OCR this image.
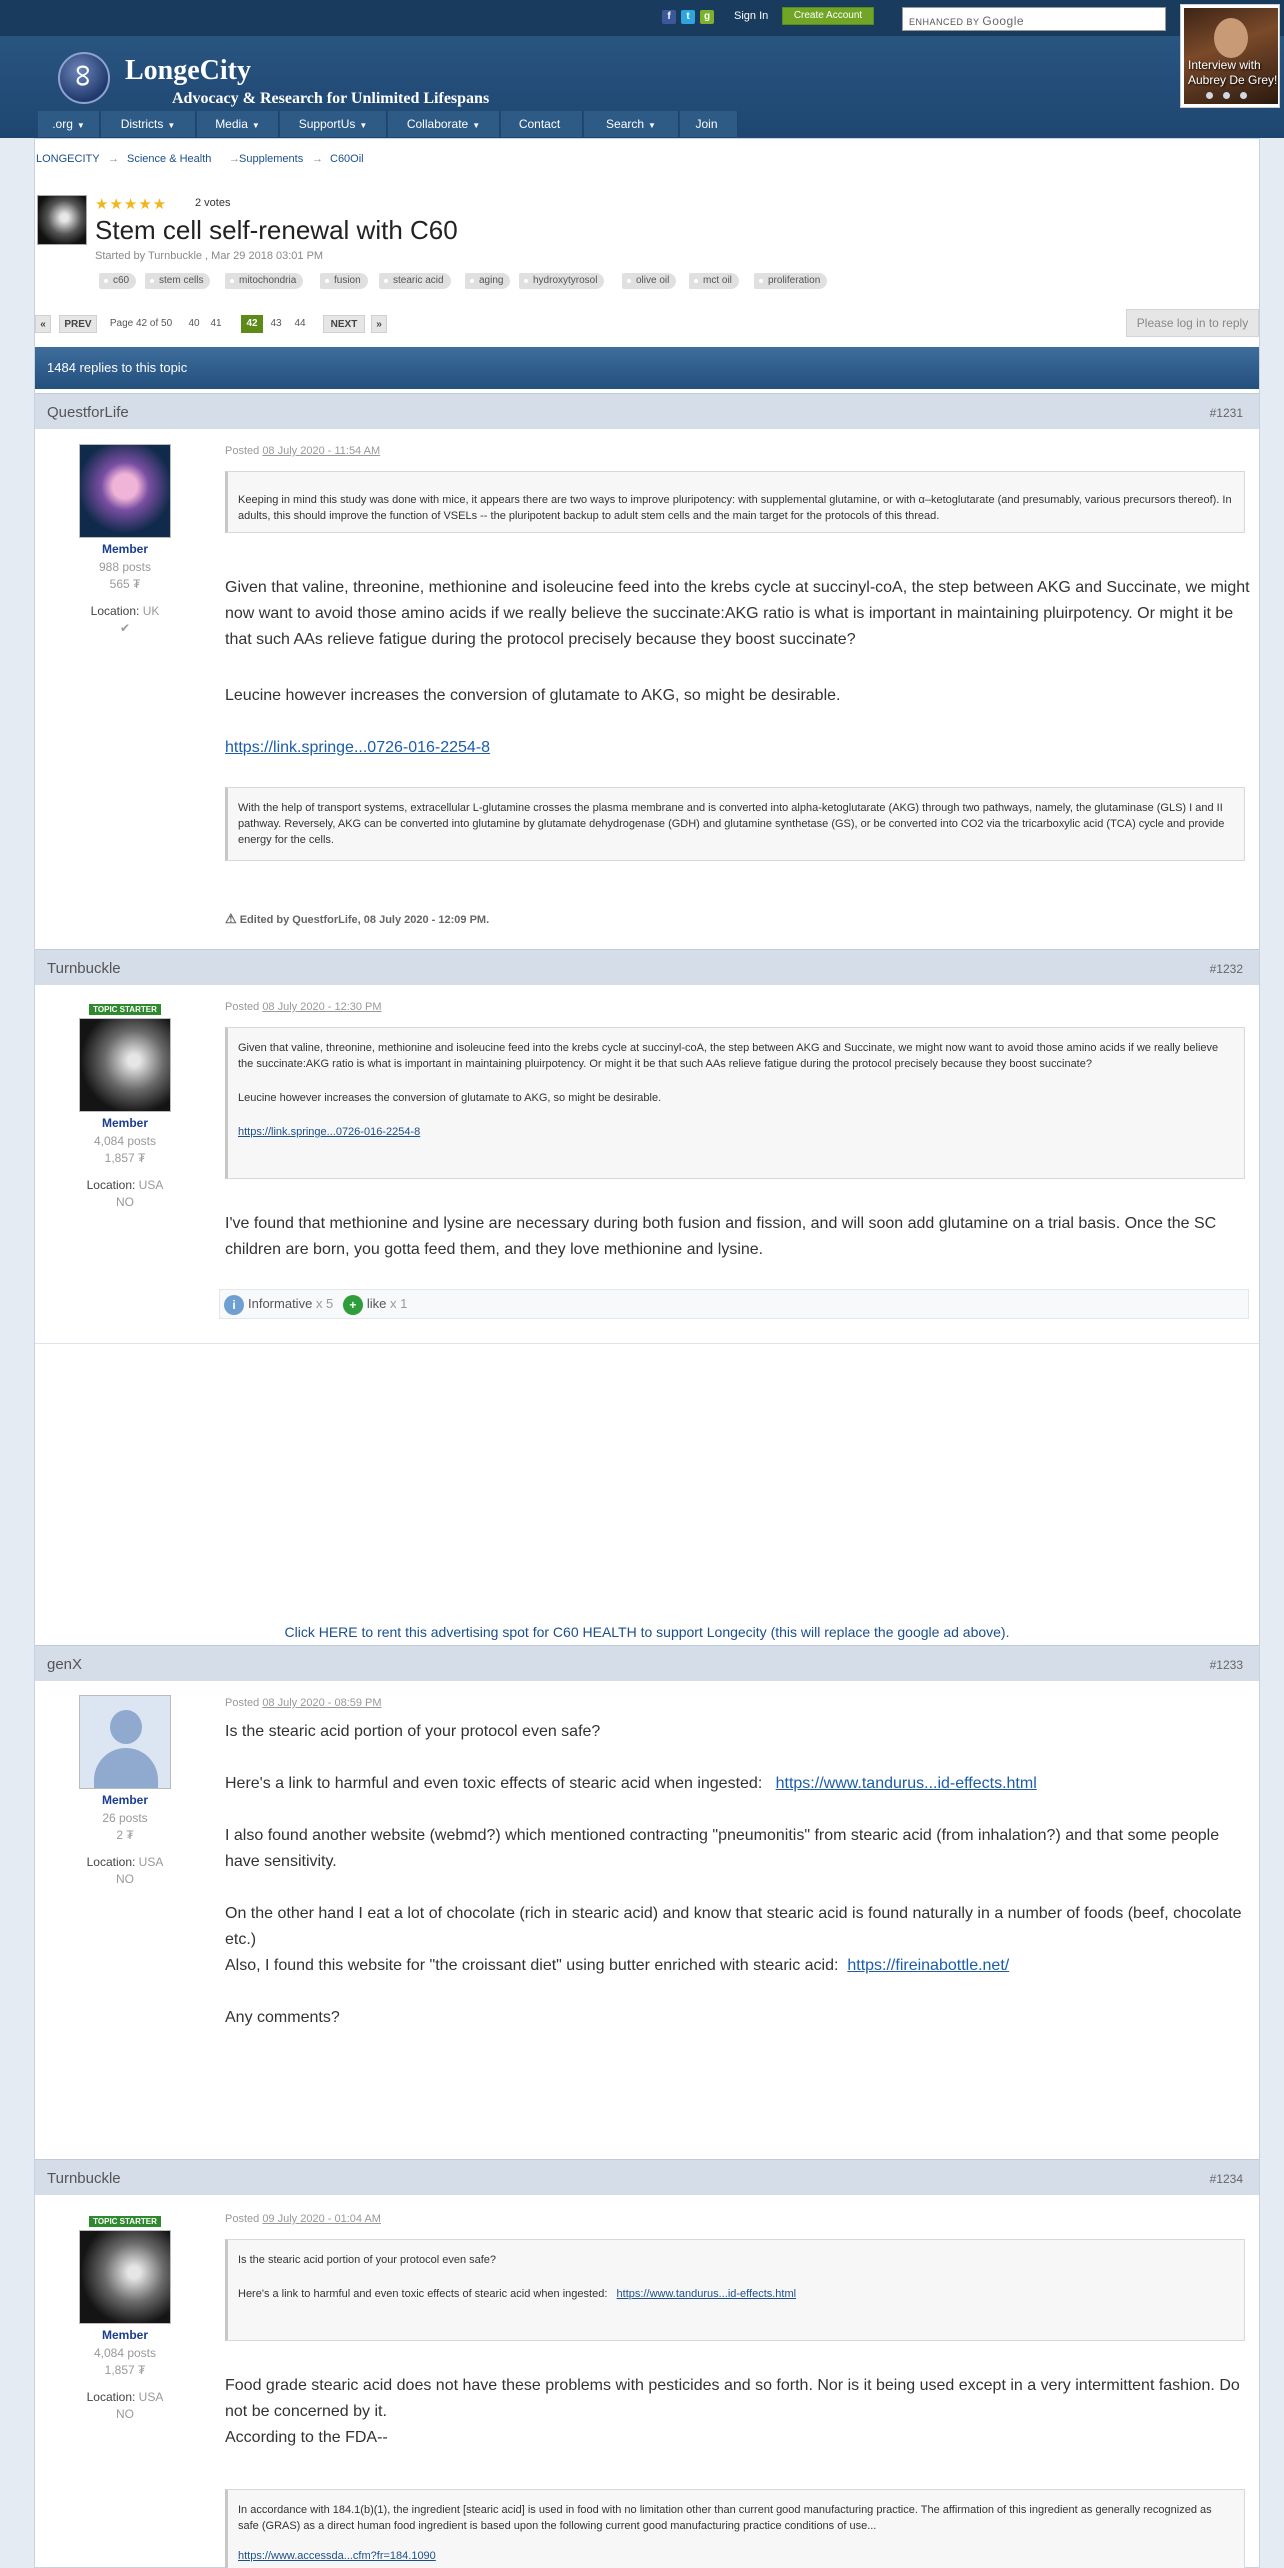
f	t	g	Sign In	Create Account
ENHANCED BY Google
∞
LongeCity
Advocacy & Research for Unlimited Lifespans
Interview with Aubrey De Grey!
.org ▼	Districts ▼	Media ▼	SupportUs ▼	Collaborate ▼	Contact	Search ▼	Join
LONGECITY → Science & Health → Supplements → C60Oil
★★★★★	2 votes
Stem cell self-renewal with C60
Started by Turnbuckle , Mar 29 2018 03:01 PM
c60	stem cells	mitochondria	fusion	stearic acid	aging	hydroxytyrosol	olive oil	mct oil	proliferation
«	PREV	Page 42 of 50	40	41	42	43	44	NEXT	»	Please log in to reply
1484 replies to this topic
QuestforLife	#1231
Member
988 posts
565 ₮
Location: UK
✔
Posted 08 July 2020 - 11:54 AM
Keeping in mind this study was done with mice, it appears there are two ways to improve pluripotency: with supplemental glutamine, or with α–ketoglutarate (and presumably, various precursors thereof). In adults, this should improve the function of VSELs -- the pluripotent backup to adult stem cells and the main target for the protocols of this thread.
Given that valine, threonine, methionine and isoleucine feed into the krebs cycle at succinyl-coA, the step between AKG and Succinate, we might now want to avoid those amino acids if we really believe the succinate:AKG ratio is what is important in maintaining pluirpotency. Or might it be that such AAs relieve fatigue during the protocol precisely because they boost succinate?
Leucine however increases the conversion of glutamate to AKG, so might be desirable.
https://link.springe...0726-016-2254-8
With the help of transport systems, extracellular L-glutamine crosses the plasma membrane and is converted into alpha-ketoglutarate (AKG) through two pathways, namely, the glutaminase (GLS) I and II pathway. Reversely, AKG can be converted into glutamine by glutamate dehydrogenase (GDH) and glutamine synthetase (GS), or be converted into CO2 via the tricarboxylic acid (TCA) cycle and provide energy for the cells.
⚠ Edited by QuestforLife, 08 July 2020 - 12:09 PM.
Turnbuckle	#1232
TOPIC STARTER
Member
4,084 posts
1,857 ₮
Location: USA
NO
Posted 08 July 2020 - 12:30 PM
Given that valine, threonine, methionine and isoleucine feed into the krebs cycle at succinyl-coA, the step between AKG and Succinate, we might now want to avoid those amino acids if we really believe the succinate:AKG ratio is what is important in maintaining pluirpotency. Or might it be that such AAs relieve fatigue during the protocol precisely because they boost succinate?
Leucine however increases the conversion of glutamate to AKG, so might be desirable.
https://link.springe...0726-016-2254-8
I've found that methionine and lysine are necessary during both fusion and fission, and will soon add glutamine on a trial basis. Once the SC children are born, you gotta feed them, and they love methionine and lysine.
i Informative x 5 + like x 1
Click HERE to rent this advertising spot for C60 HEALTH to support Longecity (this will replace the google ad above).
genX	#1233
Member
26 posts
2 ₮
Location: USA
NO
Posted 08 July 2020 - 08:59 PM
Is the stearic acid portion of your protocol even safe?
Here's a link to harmful and even toxic effects of stearic acid when ingested: https://www.tandurus...id-effects.html
I also found another website (webmd?) which mentioned contracting "pneumonitis" from stearic acid (from inhalation?) and that some people have sensitivity.
On the other hand I eat a lot of chocolate (rich in stearic acid) and know that stearic acid is found naturally in a number of foods (beef, chocolate etc.)
Also, I found this website for "the croissant diet" using butter enriched with stearic acid: https://fireinabottle.net/
Any comments?
Turnbuckle	#1234
TOPIC STARTER
Member
4,084 posts
1,857 ₮
Location: USA
NO
Posted 09 July 2020 - 01:04 AM
Is the stearic acid portion of your protocol even safe?
Here's a link to harmful and even toxic effects of stearic acid when ingested: https://www.tandurus...id-effects.html
Food grade stearic acid does not have these problems with pesticides and so forth. Nor is it being used except in a very intermittent fashion. Do not be concerned by it.
According to the FDA--
In accordance with 184.1(b)(1), the ingredient [stearic acid] is used in food with no limitation other than current good manufacturing practice. The affirmation of this ingredient as generally recognized as safe (GRAS) as a direct human food ingredient is based upon the following current good manufacturing practice conditions of use...
https://www.accessda...cfm?fr=184.1090
